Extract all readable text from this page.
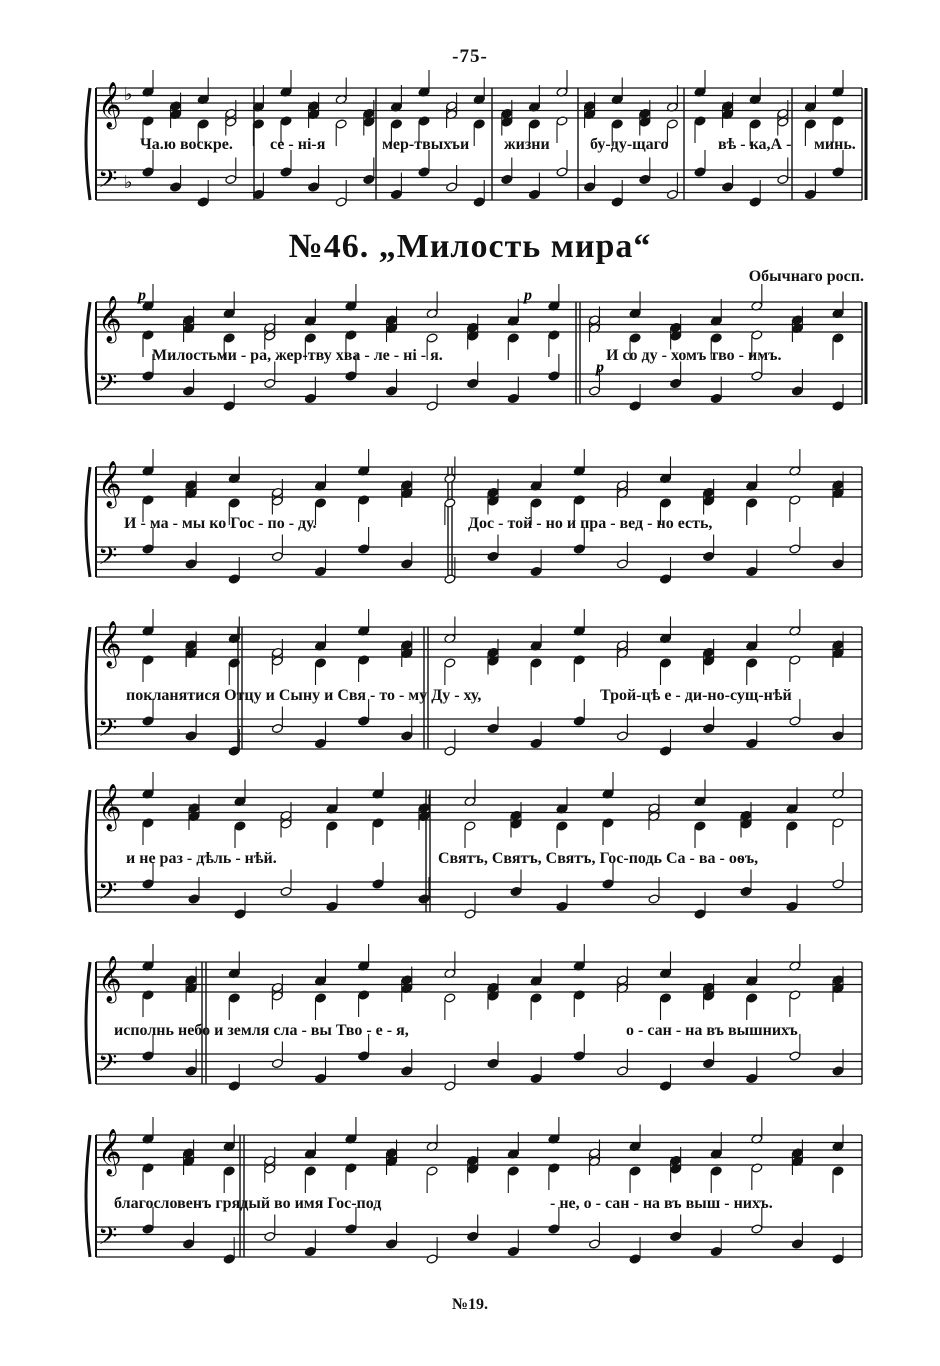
-75-
𝄞 ♭
𝄢 ♭
Ча.ю воскре. се - ні-я	мер-твыхъи жизни	бу-ду-щаго	вѣ - ка,А - минь.
№46. „Милость мира“
Обычнаго росп.
𝄞
𝄢
p	p
p
Милостьми - ра, жер-тву хва - ле - ні - я.	И со ду - хомъ тво - имъ.
𝄞
𝄢
И - ма - мы ко Гос - по - ду.	Дос - той - но и пра - вед - но есть,
𝄞
𝄢
покланятися Отцу и Сыну и Свя - то - му Ду - ху,	Трой-цѣ е - ди-но-сущ-нѣй
𝄞
𝄢
и не раз - дѣль - нѣй.	Святъ, Святъ, Святъ, Гос-подь Са - ва - оѳъ,
𝄞
𝄢
исполнь небо и земля сла - вы Тво - е - я,	о - сан - на въ вышнихъ
𝄞
𝄢
благословенъ грядый во имя Гос-под	- не, о - сан - на въ выш - нихъ.
№19.
